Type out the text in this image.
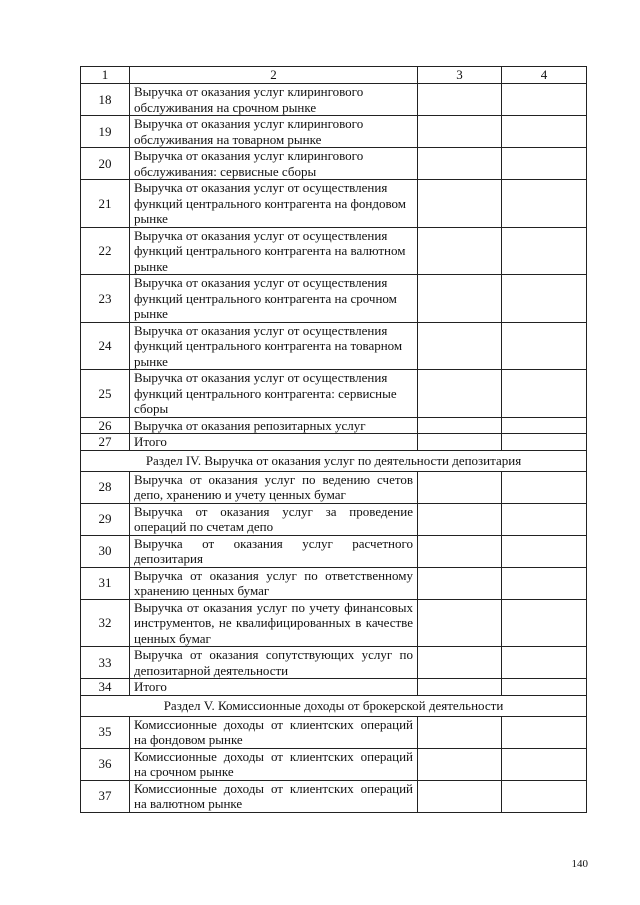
1	2	3	4
18	Выручка от оказания услуг клирингового обслуживания на срочном рынке		
19	Выручка от оказания услуг клирингового обслуживания на товарном рынке		
20	Выручка от оказания услуг клирингового обслуживания: сервисные сборы		
21	Выручка от оказания услуг от осуществления функций центрального контрагента на фондовом рынке		
22	Выручка от оказания услуг от осуществления функций центрального контрагента на валютном рынке		
23	Выручка от оказания услуг от осуществления функций центрального контрагента на срочном рынке		
24	Выручка от оказания услуг от осуществления функций центрального контрагента на товарном рынке		
25	Выручка от оказания услуг от осуществления функций центрального контрагента: сервисные сборы		
26	Выручка от оказания репозитарных услуг		
27	Итого		
Раздел IV. Выручка от оказания услуг по деятельности депозитария			
28	Выручка от оказания услуг по ведению счетов депо, хранению и учету ценных бумаг		
29	Выручка от оказания услуг за проведение операций по счетам депо		
30	Выручка от оказания услуг расчетного депозитария		
31	Выручка от оказания услуг по ответственному хранению ценных бумаг		
32	Выручка от оказания услуг по учету финансовых инструментов, не квалифицированных в качестве ценных бумаг		
33	Выручка от оказания сопутствующих услуг по депозитарной деятельности		
34	Итого		
Раздел V. Комиссионные доходы от брокерской деятельности			
35	Комиссионные доходы от клиентских операций на фондовом рынке		
36	Комиссионные доходы от клиентских операций на срочном рынке		
37	Комиссионные доходы от клиентских операций на валютном рынке		
140
